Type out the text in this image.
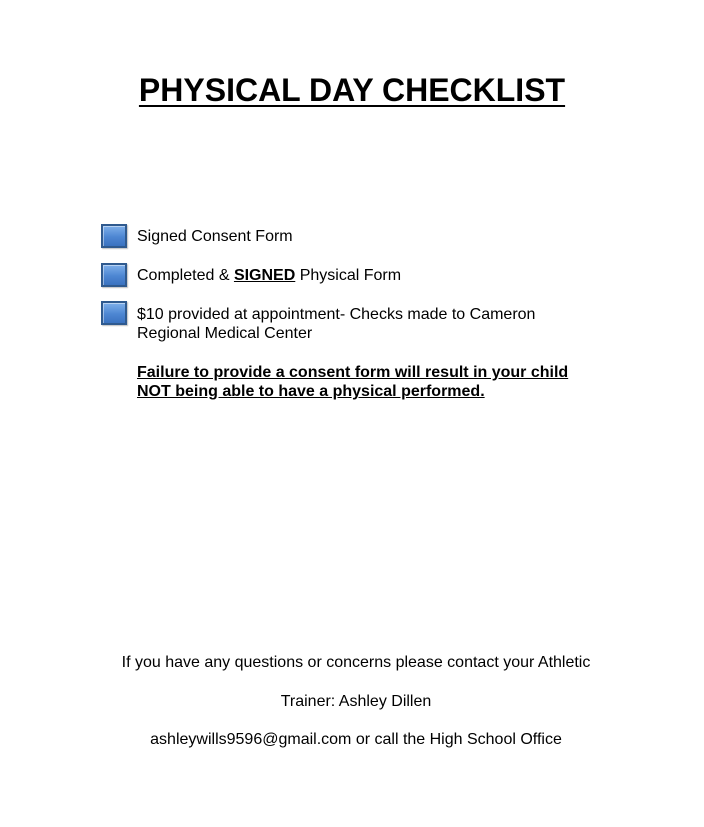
PHYSICAL DAY CHECKLIST
Signed Consent Form
Completed & SIGNED Physical Form
$10 provided at appointment- Checks made to Cameron
Regional Medical Center
Failure to provide a consent form will result in your child
NOT being able to have a physical performed.
If you have any questions or concerns please contact your Athletic
Trainer: Ashley Dillen
ashleywills9596@gmail.com or call the High School Office
